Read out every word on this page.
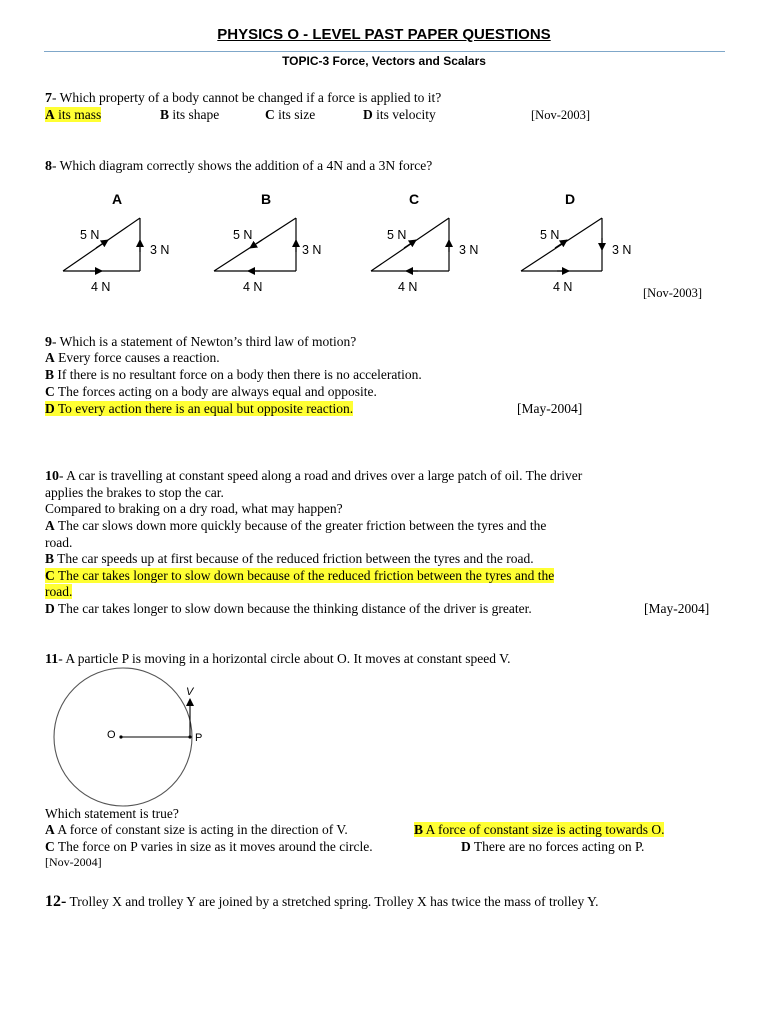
PHYSICS O - LEVEL PAST PAPER QUESTIONS
TOPIC-3 Force, Vectors and Scalars
7- Which property of a body cannot be changed if a force is applied to it?
A its mass	B its shape	C its size	D its velocity	[Nov-2003]
8- Which diagram correctly shows the addition of a 4N and a 3N force?
A
5 N
3 N
4 N
B
5 N
3 N
4 N
C
5 N
3 N
4 N
D
5 N
3 N
4 N	[Nov-2003]
9- Which is a statement of Newton’s third law of motion?
A Every force causes a reaction.
B If there is no resultant force on a body then there is no acceleration.
C The forces acting on a body are always equal and opposite.
D To every action there is an equal but opposite reaction.	[May-2004]
10- A car is travelling at constant speed along a road and drives over a large patch of oil. The driver
applies the brakes to stop the car.
Compared to braking on a dry road, what may happen?
A The car slows down more quickly because of the greater friction between the tyres and the
road.
B The car speeds up at first because of the reduced friction between the tyres and the road.
C The car takes longer to slow down because of the reduced friction between the tyres and the
road.
D The car takes longer to slow down because the thinking distance of the driver is greater.	[May-2004]
11- A particle P is moving in a horizontal circle about O. It moves at constant speed V.
V
O	P
Which statement is true?
A A force of constant size is acting in the direction of V.	B A force of constant size is acting towards O.
C The force on P varies in size as it moves around the circle.	D There are no forces acting on P.
[Nov-2004]
12- Trolley X and trolley Y are joined by a stretched spring. Trolley X has twice the mass of trolley Y.
